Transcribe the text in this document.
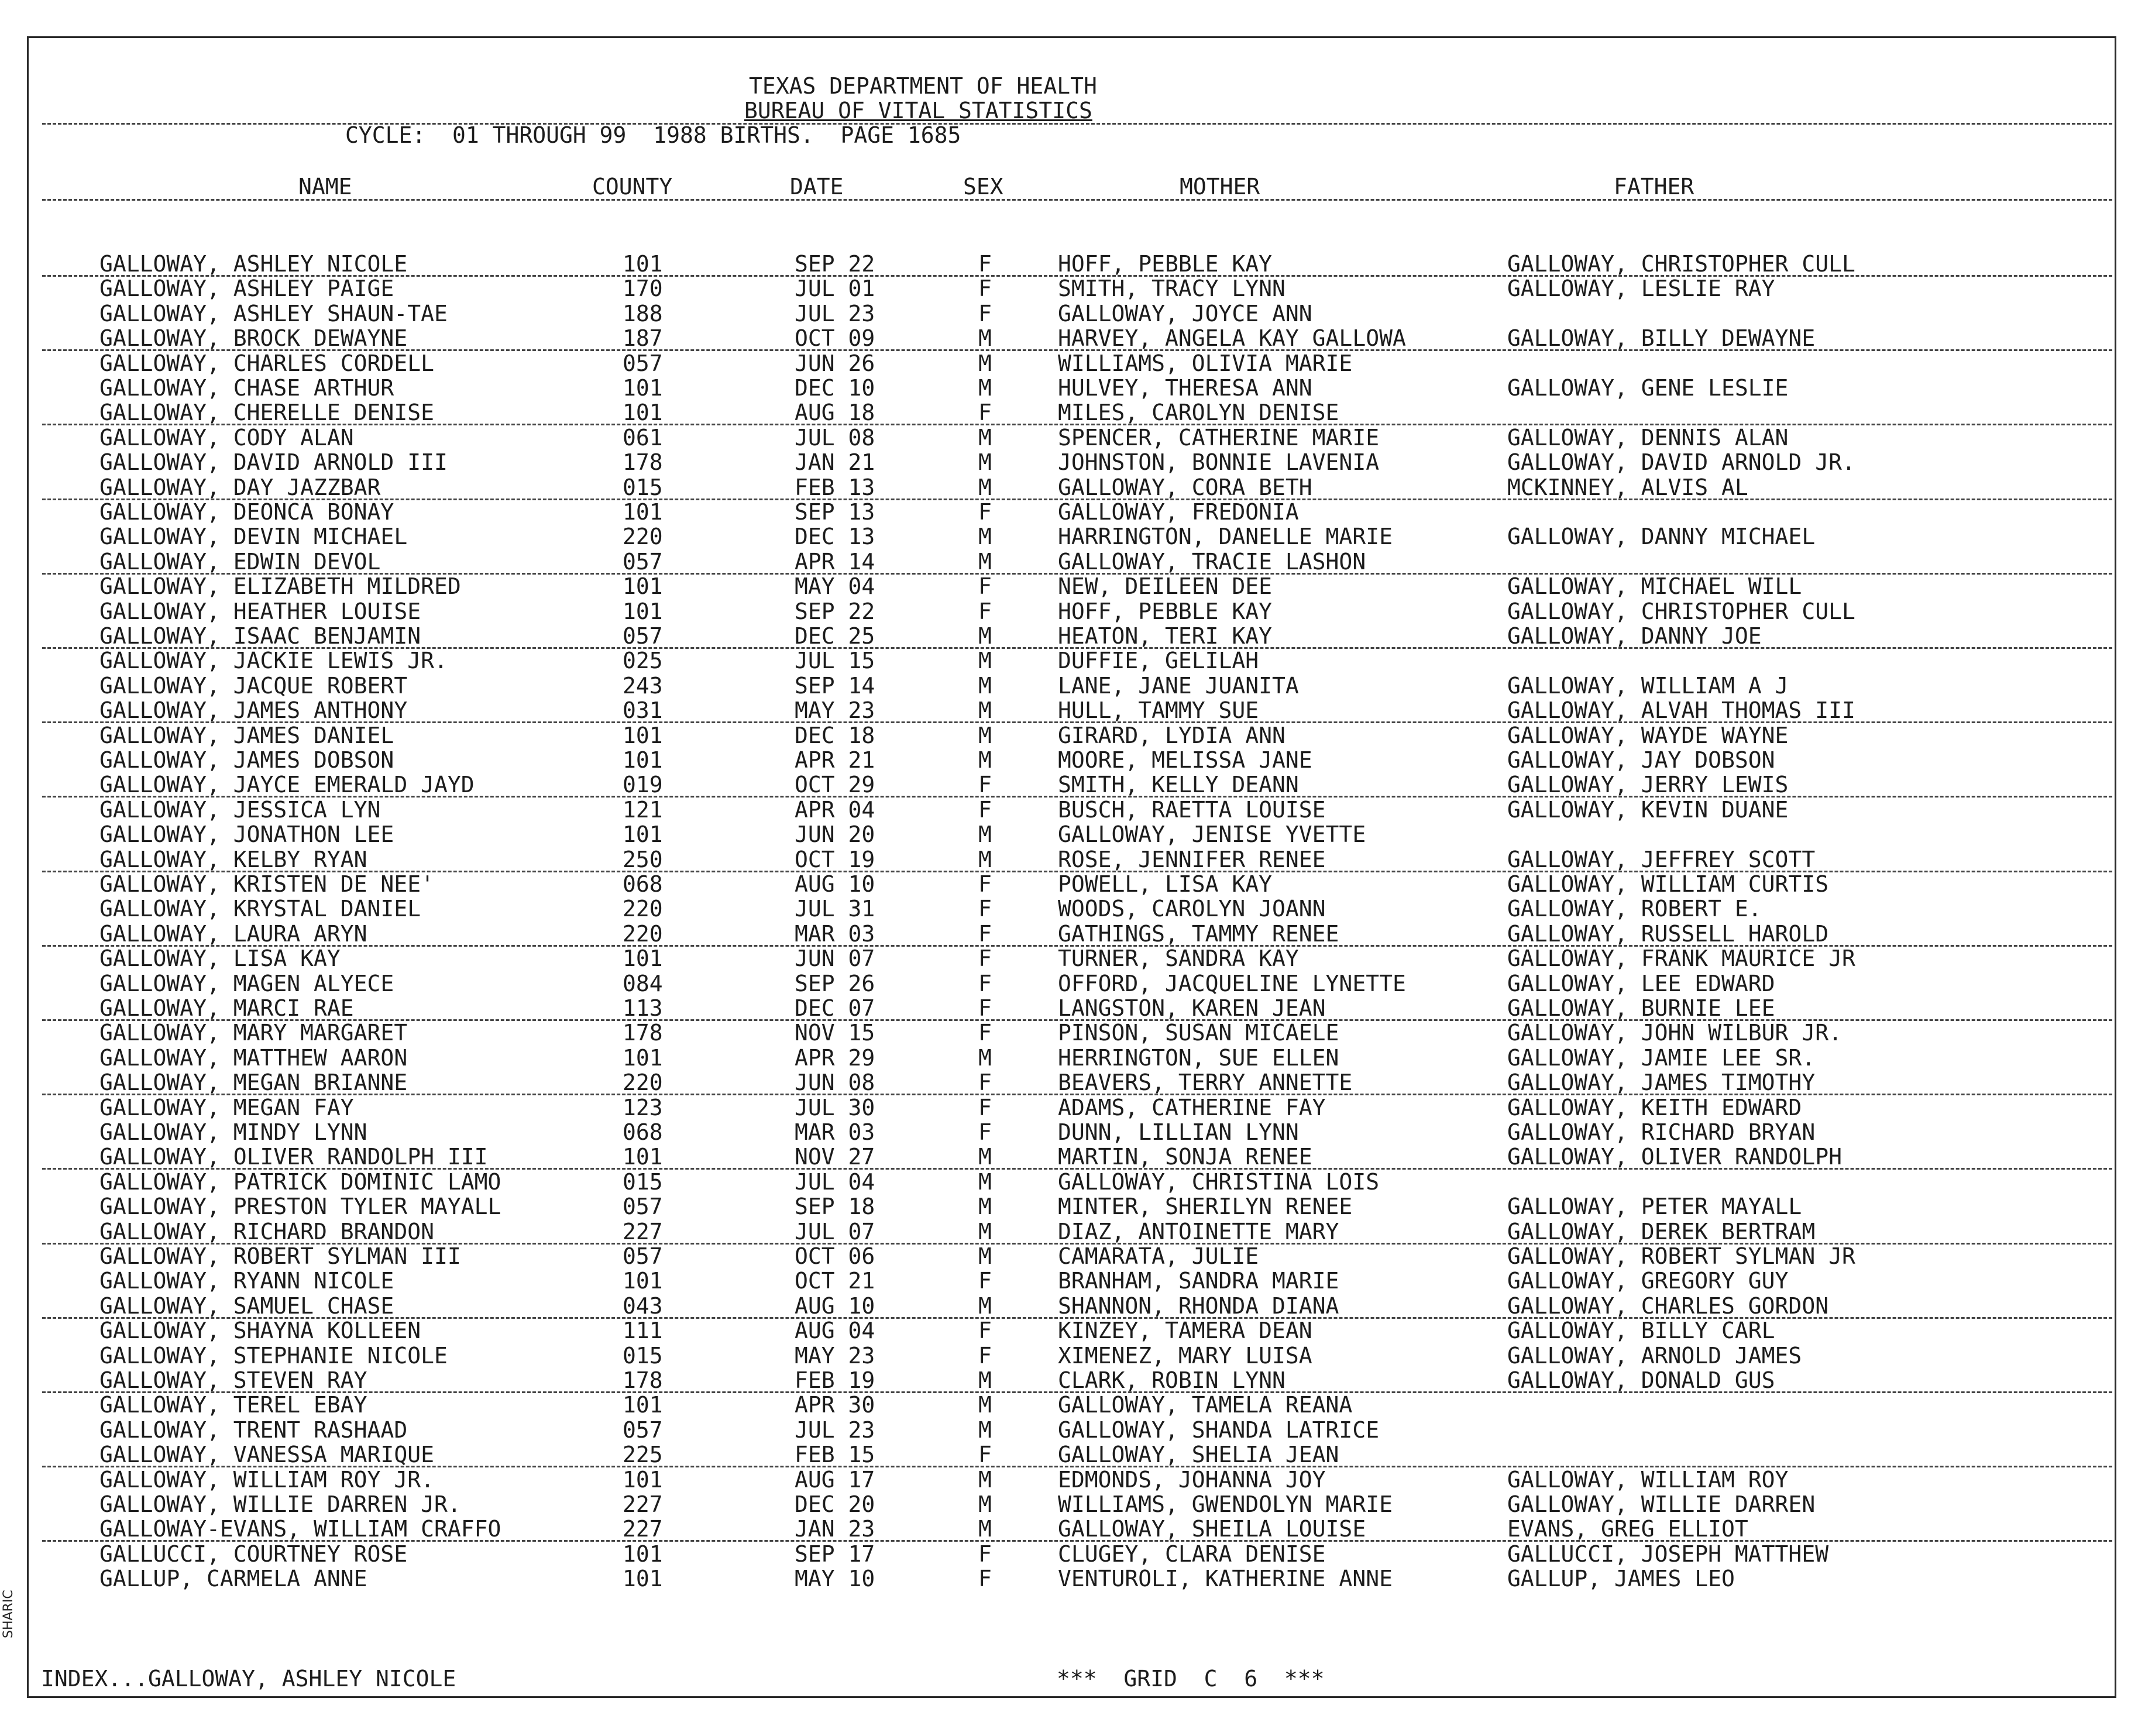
TEXAS DEPARTMENT OF HEALTH
BUREAU OF VITAL STATISTICS
CYCLE:  01 THROUGH 99  1988 BIRTHS.  PAGE 1685
NAME	COUNTY	DATE	SEX	MOTHER	FATHER
GALLOWAY, ASHLEY NICOLE	101	SEP 22	F	HOFF, PEBBLE KAY	GALLOWAY, CHRISTOPHER CULL
GALLOWAY, ASHLEY PAIGE	170	JUL 01	F	SMITH, TRACY LYNN	GALLOWAY, LESLIE RAY
GALLOWAY, ASHLEY SHAUN-TAE	188	JUL 23	F	GALLOWAY, JOYCE ANN
GALLOWAY, BROCK DEWAYNE	187	OCT 09	M	HARVEY, ANGELA KAY GALLOWA	GALLOWAY, BILLY DEWAYNE
GALLOWAY, CHARLES CORDELL	057	JUN 26	M	WILLIAMS, OLIVIA MARIE
GALLOWAY, CHASE ARTHUR	101	DEC 10	M	HULVEY, THERESA ANN	GALLOWAY, GENE LESLIE
GALLOWAY, CHERELLE DENISE	101	AUG 18	F	MILES, CAROLYN DENISE
GALLOWAY, CODY ALAN	061	JUL 08	M	SPENCER, CATHERINE MARIE	GALLOWAY, DENNIS ALAN
GALLOWAY, DAVID ARNOLD III	178	JAN 21	M	JOHNSTON, BONNIE LAVENIA	GALLOWAY, DAVID ARNOLD JR.
GALLOWAY, DAY JAZZBAR	015	FEB 13	M	GALLOWAY, CORA BETH	MCKINNEY, ALVIS AL
GALLOWAY, DEONCA BONAY	101	SEP 13	F	GALLOWAY, FREDONIA
GALLOWAY, DEVIN MICHAEL	220	DEC 13	M	HARRINGTON, DANELLE MARIE	GALLOWAY, DANNY MICHAEL
GALLOWAY, EDWIN DEVOL	057	APR 14	M	GALLOWAY, TRACIE LASHON
GALLOWAY, ELIZABETH MILDRED	101	MAY 04	F	NEW, DEILEEN DEE	GALLOWAY, MICHAEL WILL
GALLOWAY, HEATHER LOUISE	101	SEP 22	F	HOFF, PEBBLE KAY	GALLOWAY, CHRISTOPHER CULL
GALLOWAY, ISAAC BENJAMIN	057	DEC 25	M	HEATON, TERI KAY	GALLOWAY, DANNY JOE
GALLOWAY, JACKIE LEWIS JR.	025	JUL 15	M	DUFFIE, GELILAH
GALLOWAY, JACQUE ROBERT	243	SEP 14	M	LANE, JANE JUANITA	GALLOWAY, WILLIAM A J
GALLOWAY, JAMES ANTHONY	031	MAY 23	M	HULL, TAMMY SUE	GALLOWAY, ALVAH THOMAS III
GALLOWAY, JAMES DANIEL	101	DEC 18	M	GIRARD, LYDIA ANN	GALLOWAY, WAYDE WAYNE
GALLOWAY, JAMES DOBSON	101	APR 21	M	MOORE, MELISSA JANE	GALLOWAY, JAY DOBSON
GALLOWAY, JAYCE EMERALD JAYD	019	OCT 29	F	SMITH, KELLY DEANN	GALLOWAY, JERRY LEWIS
GALLOWAY, JESSICA LYN	121	APR 04	F	BUSCH, RAETTA LOUISE	GALLOWAY, KEVIN DUANE
GALLOWAY, JONATHON LEE	101	JUN 20	M	GALLOWAY, JENISE YVETTE
GALLOWAY, KELBY RYAN	250	OCT 19	M	ROSE, JENNIFER RENEE	GALLOWAY, JEFFREY SCOTT
GALLOWAY, KRISTEN DE NEE'	068	AUG 10	F	POWELL, LISA KAY	GALLOWAY, WILLIAM CURTIS
GALLOWAY, KRYSTAL DANIEL	220	JUL 31	F	WOODS, CAROLYN JOANN	GALLOWAY, ROBERT E.
GALLOWAY, LAURA ARYN	220	MAR 03	F	GATHINGS, TAMMY RENEE	GALLOWAY, RUSSELL HAROLD
GALLOWAY, LISA KAY	101	JUN 07	F	TURNER, SANDRA KAY	GALLOWAY, FRANK MAURICE JR
GALLOWAY, MAGEN ALYECE	084	SEP 26	F	OFFORD, JACQUELINE LYNETTE	GALLOWAY, LEE EDWARD
GALLOWAY, MARCI RAE	113	DEC 07	F	LANGSTON, KAREN JEAN	GALLOWAY, BURNIE LEE
GALLOWAY, MARY MARGARET	178	NOV 15	F	PINSON, SUSAN MICAELE	GALLOWAY, JOHN WILBUR JR.
GALLOWAY, MATTHEW AARON	101	APR 29	M	HERRINGTON, SUE ELLEN	GALLOWAY, JAMIE LEE SR.
GALLOWAY, MEGAN BRIANNE	220	JUN 08	F	BEAVERS, TERRY ANNETTE	GALLOWAY, JAMES TIMOTHY
GALLOWAY, MEGAN FAY	123	JUL 30	F	ADAMS, CATHERINE FAY	GALLOWAY, KEITH EDWARD
GALLOWAY, MINDY LYNN	068	MAR 03	F	DUNN, LILLIAN LYNN	GALLOWAY, RICHARD BRYAN
GALLOWAY, OLIVER RANDOLPH III	101	NOV 27	M	MARTIN, SONJA RENEE	GALLOWAY, OLIVER RANDOLPH
GALLOWAY, PATRICK DOMINIC LAMO	015	JUL 04	M	GALLOWAY, CHRISTINA LOIS
GALLOWAY, PRESTON TYLER MAYALL	057	SEP 18	M	MINTER, SHERILYN RENEE	GALLOWAY, PETER MAYALL
GALLOWAY, RICHARD BRANDON	227	JUL 07	M	DIAZ, ANTOINETTE MARY	GALLOWAY, DEREK BERTRAM
GALLOWAY, ROBERT SYLMAN III	057	OCT 06	M	CAMARATA, JULIE	GALLOWAY, ROBERT SYLMAN JR
GALLOWAY, RYANN NICOLE	101	OCT 21	F	BRANHAM, SANDRA MARIE	GALLOWAY, GREGORY GUY
GALLOWAY, SAMUEL CHASE	043	AUG 10	M	SHANNON, RHONDA DIANA	GALLOWAY, CHARLES GORDON
GALLOWAY, SHAYNA KOLLEEN	111	AUG 04	F	KINZEY, TAMERA DEAN	GALLOWAY, BILLY CARL
GALLOWAY, STEPHANIE NICOLE	015	MAY 23	F	XIMENEZ, MARY LUISA	GALLOWAY, ARNOLD JAMES
GALLOWAY, STEVEN RAY	178	FEB 19	M	CLARK, ROBIN LYNN	GALLOWAY, DONALD GUS
GALLOWAY, TEREL EBAY	101	APR 30	M	GALLOWAY, TAMELA REANA
GALLOWAY, TRENT RASHAAD	057	JUL 23	M	GALLOWAY, SHANDA LATRICE
GALLOWAY, VANESSA MARIQUE	225	FEB 15	F	GALLOWAY, SHELIA JEAN
GALLOWAY, WILLIAM ROY JR.	101	AUG 17	M	EDMONDS, JOHANNA JOY	GALLOWAY, WILLIAM ROY
GALLOWAY, WILLIE DARREN JR.	227	DEC 20	M	WILLIAMS, GWENDOLYN MARIE	GALLOWAY, WILLIE DARREN
GALLOWAY-EVANS, WILLIAM CRAFFO	227	JAN 23	M	GALLOWAY, SHEILA LOUISE	EVANS, GREG ELLIOT
GALLUCCI, COURTNEY ROSE	101	SEP 17	F	CLUGEY, CLARA DENISE	GALLUCCI, JOSEPH MATTHEW
GALLUP, CARMELA ANNE	101	MAY 10	F	VENTUROLI, KATHERINE ANNE	GALLUP, JAMES LEO
INDEX...GALLOWAY, ASHLEY NICOLE	***  GRID  C  6  ***
SHARIC
